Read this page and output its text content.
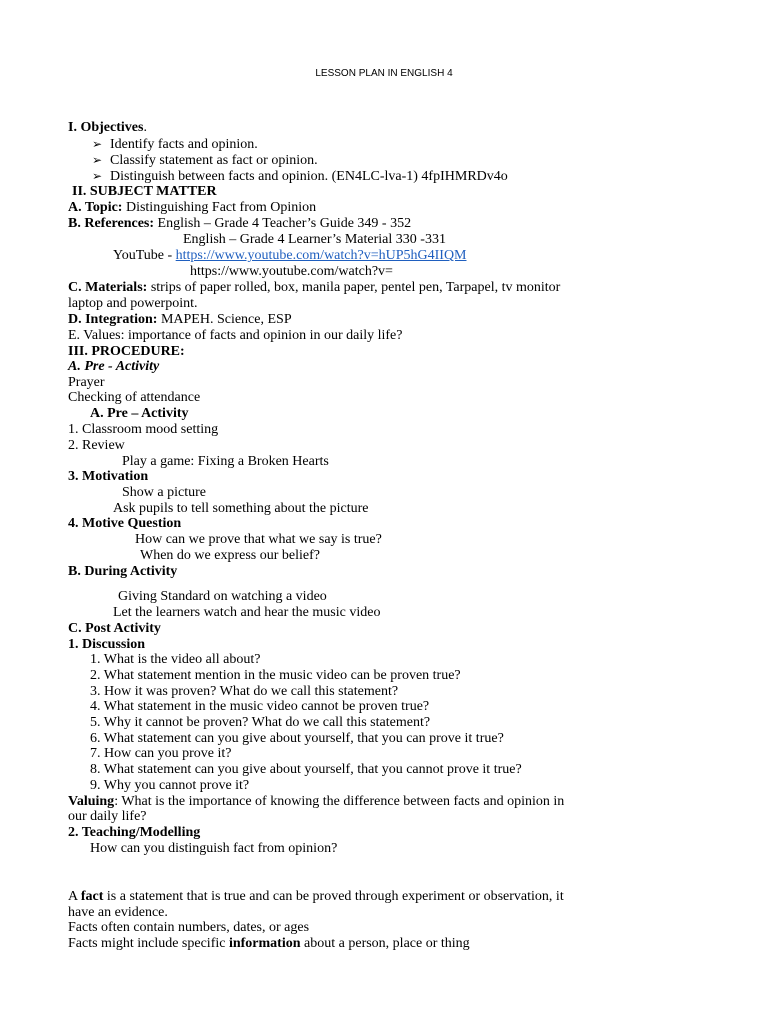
LESSON PLAN IN ENGLISH 4
I. Objectives.
➢ Identify facts and opinion.
➢ Classify statement as fact or opinion.
➢ Distinguish between facts and opinion. (EN4LC-lva-1) 4fpIHMRDv4o
II. SUBJECT MATTER
A. Topic: Distinguishing Fact from Opinion
B. References: English – Grade 4 Teacher’s Guide 349 - 352
English – Grade 4 Learner’s Material 330 -331
YouTube - https://www.youtube.com/watch?v=hUP5hG4IIQM
https://www.youtube.com/watch?v=
C. Materials: strips of paper rolled, box, manila paper, pentel pen, Tarpapel, tv monitor
laptop and powerpoint.
D. Integration: MAPEH. Science, ESP
E. Values: importance of facts and opinion in our daily life?
III. PROCEDURE:
A. Pre - Activity
Prayer
Checking of attendance
A. Pre – Activity
1. Classroom mood setting
2. Review
Play a game: Fixing a Broken Hearts
3. Motivation
Show a picture
Ask pupils to tell something about the picture
4. Motive Question
How can we prove that what we say is true?
When do we express our belief?
B. During Activity
Giving Standard on watching a video
Let the learners watch and hear the music video
C. Post Activity
1. Discussion
1. What is the video all about?
2. What statement mention in the music video can be proven true?
3. How it was proven? What do we call this statement?
4. What statement in the music video cannot be proven true?
5. Why it cannot be proven? What do we call this statement?
6. What statement can you give about yourself, that you can prove it true?
7. How can you prove it?
8. What statement can you give about yourself, that you cannot prove it true?
9. Why you cannot prove it?
Valuing: What is the importance of knowing the difference between facts and opinion in
our daily life?
2. Teaching/Modelling
How can you distinguish fact from opinion?
A fact is a statement that is true and can be proved through experiment or observation, it
have an evidence.
Facts often contain numbers, dates, or ages
Facts might include specific information about a person, place or thing
